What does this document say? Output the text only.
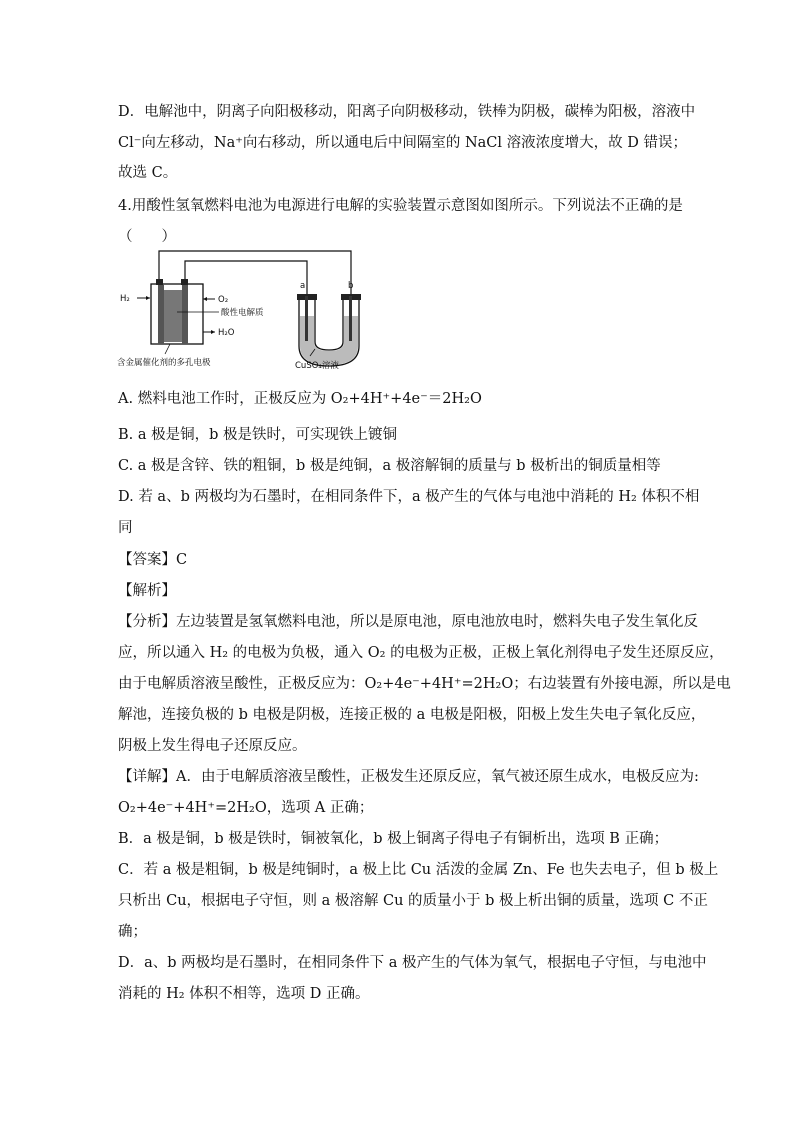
D．电解池中，阴离子向阳极移动，阳离子向阴极移动，铁棒为阴极，碳棒为阳极，溶液中
Cl⁻向左移动，Na⁺向右移动，所以通电后中间隔室的 NaCl 溶液浓度增大，故 D 错误；
故选 C。
4.用酸性氢氧燃料电池为电源进行电解的实验装置示意图如图所示。下列说法不正确的是
（　　）
H₂	O₂
酸性电解质
H₂O
含金属催化剂的多孔电极
a	b
CuSO₄溶液
A. 燃料电池工作时，正极反应为 O₂+4H⁺+4e⁻＝2H₂O
B. a 极是铜，b 极是铁时，可实现铁上镀铜
C. a 极是含锌、铁的粗铜，b 极是纯铜，a 极溶解铜的质量与 b 极析出的铜质量相等
D. 若 a、b 两极均为石墨时，在相同条件下，a 极产生的气体与电池中消耗的 H₂ 体积不相
同
【答案】C
【解析】
【分析】左边装置是氢氧燃料电池，所以是原电池，原电池放电时，燃料失电子发生氧化反
应，所以通入 H₂ 的电极为负极，通入 O₂ 的电极为正极，正极上氧化剂得电子发生还原反应，
由于电解质溶液呈酸性，正极反应为：O₂+4e⁻+4H⁺=2H₂O；右边装置有外接电源，所以是电
解池，连接负极的 b 电极是阴极，连接正极的 a 电极是阳极，阳极上发生失电子氧化反应，
阴极上发生得电子还原反应。
【详解】A．由于电解质溶液呈酸性，正极发生还原反应，氧气被还原生成水，电极反应为:
O₂+4e⁻+4H⁺=2H₂O，选项 A 正确；
B．a 极是铜，b 极是铁时，铜被氧化，b 极上铜离子得电子有铜析出，选项 B 正确；
C．若 a 极是粗铜，b 极是纯铜时，a 极上比 Cu 活泼的金属 Zn、Fe 也失去电子，但 b 极上
只析出 Cu，根据电子守恒，则 a 极溶解 Cu 的质量小于 b 极上析出铜的质量，选项 C 不正
确；
D．a、b 两极均是石墨时，在相同条件下 a 极产生的气体为氧气，根据电子守恒，与电池中
消耗的 H₂ 体积不相等，选项 D 正确。
